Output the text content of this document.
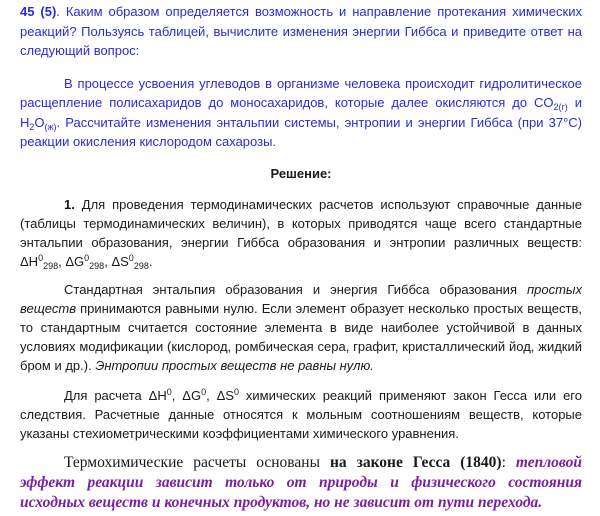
45 (5). Каким образом определяется возможность и направление протекания химических реакций? Пользуясь таблицей, вычислите изменения энергии Гиббса и приведите ответ на следующий вопрос:

В процессе усвоения углеводов в организме человека происходит гидролитическое расщепление полисахаридов до моносахаридов, которые далее окисляются до $CO_{2(г)}$ и $H_2O_{(ж)}$. Рассчитайте изменения энтальпии системы, энтропии и энергии Гиббса (при 37°С) реакции окисления кислородом сахарозы.

Решение:

1. Для проведения термодинамических расчетов используют справочные данные (таблицы термодинамических величин), в которых приводятся чаще всего стандартные энтальпии образования, энергии Гиббса образования и энтропии различных веществ: $\Delta H^0_{298}$, $\Delta G^0_{298}$, $\Delta S^0_{298}$.

Стандартная энтальпия образования и энергия Гиббса образования простых веществ принимаются равными нулю. Если элемент образует несколько простых веществ, то стандартным считается состояние элемента в виде наиболее устойчивой в данных условиях модификации (кислород, ромбическая сера, графит, кристаллический йод, жидкий бром и др.). Энтропии простых веществ не равны нулю.

Для расчета $\Delta H^0$, $\Delta G^0$, $\Delta S^0$ химических реакций применяют закон Гесса или его следствия. Расчетные данные относятся к мольным соотношениям веществ, которые указаны стехиометрическими коэффициентами химического уравнения.

Термохимические расчеты основаны на законе Гесса (1840): тепловой эффект реакции зависит только от природы и физического состояния исходных веществ и конечных продуктов, но не зависит от пути перехода.
